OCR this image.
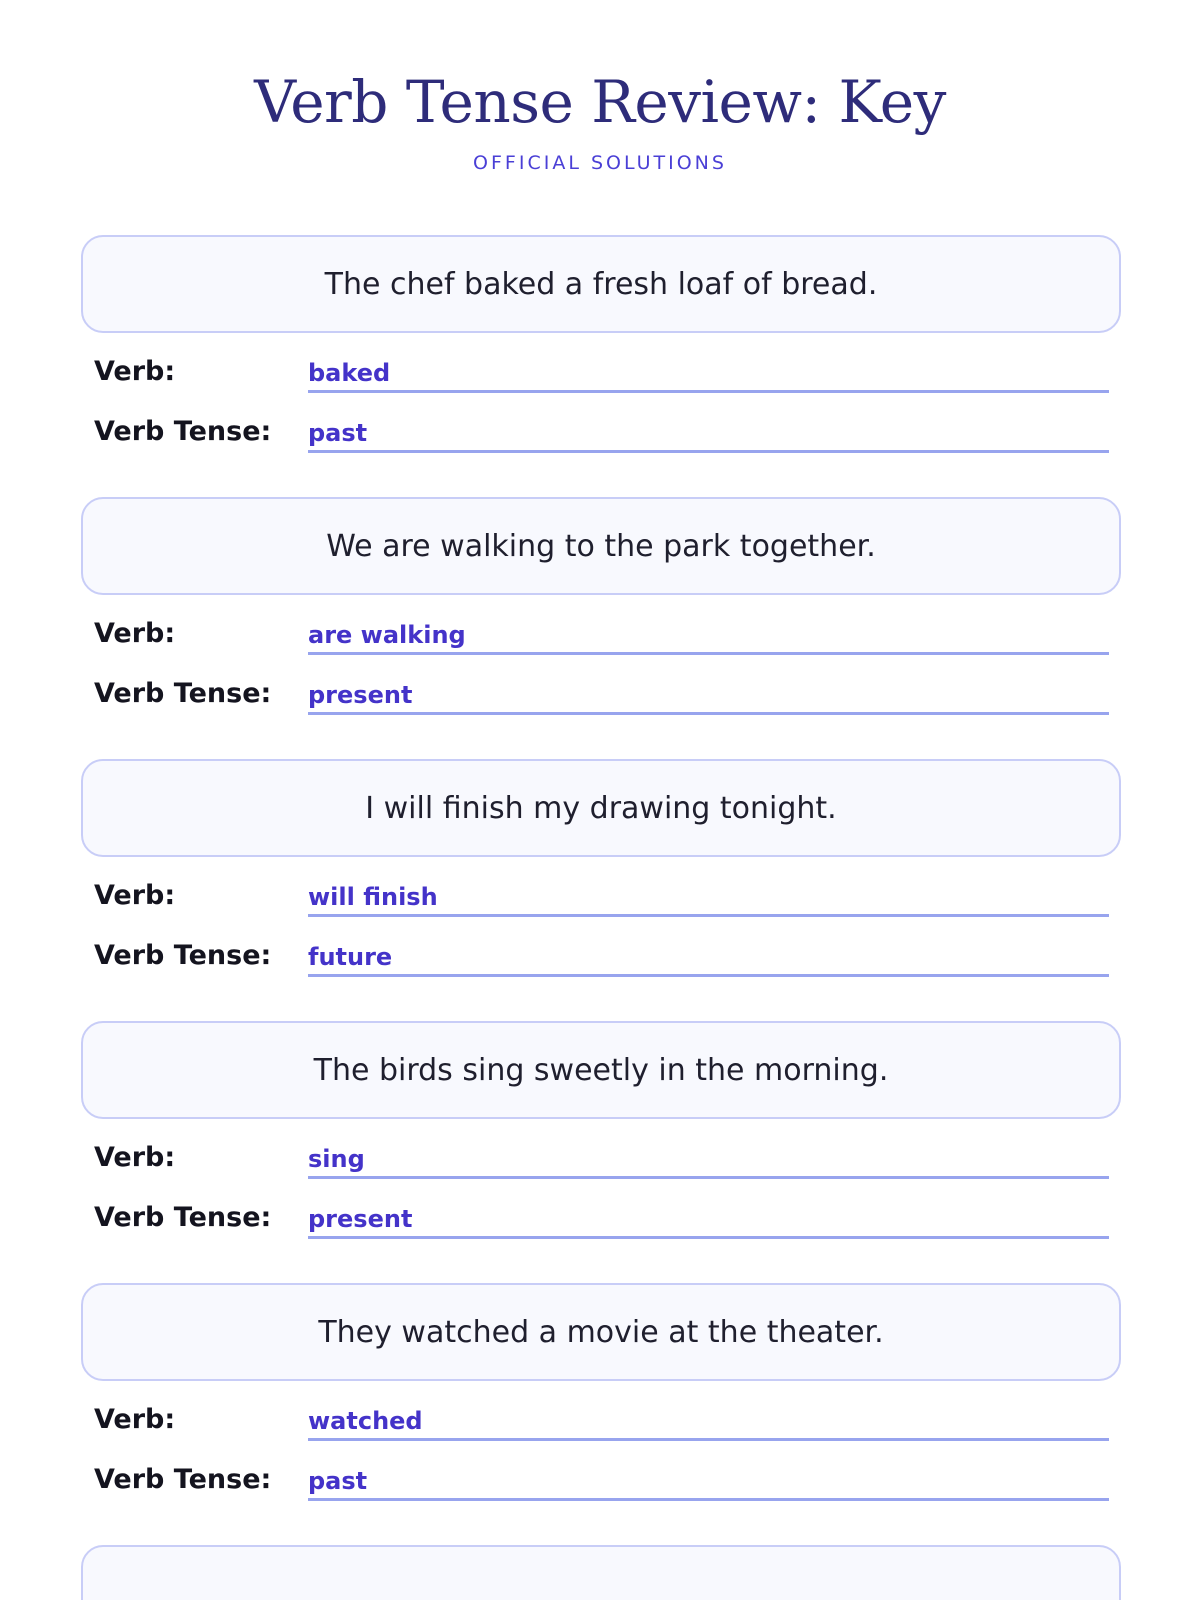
Verb Tense Review: Key
OFFICIAL SOLUTIONS
The chef baked a fresh loaf of bread.
Verb:	baked
Verb Tense: past
We are walking to the park together.
Verb:	are walking
Verb Tense: present
I will finish my drawing tonight.
Verb:	will finish
Verb Tense: future
The birds sing sweetly in the morning.
Verb:	sing
Verb Tense: present
They watched a movie at the theater.
Verb:	watched
Verb Tense: past
